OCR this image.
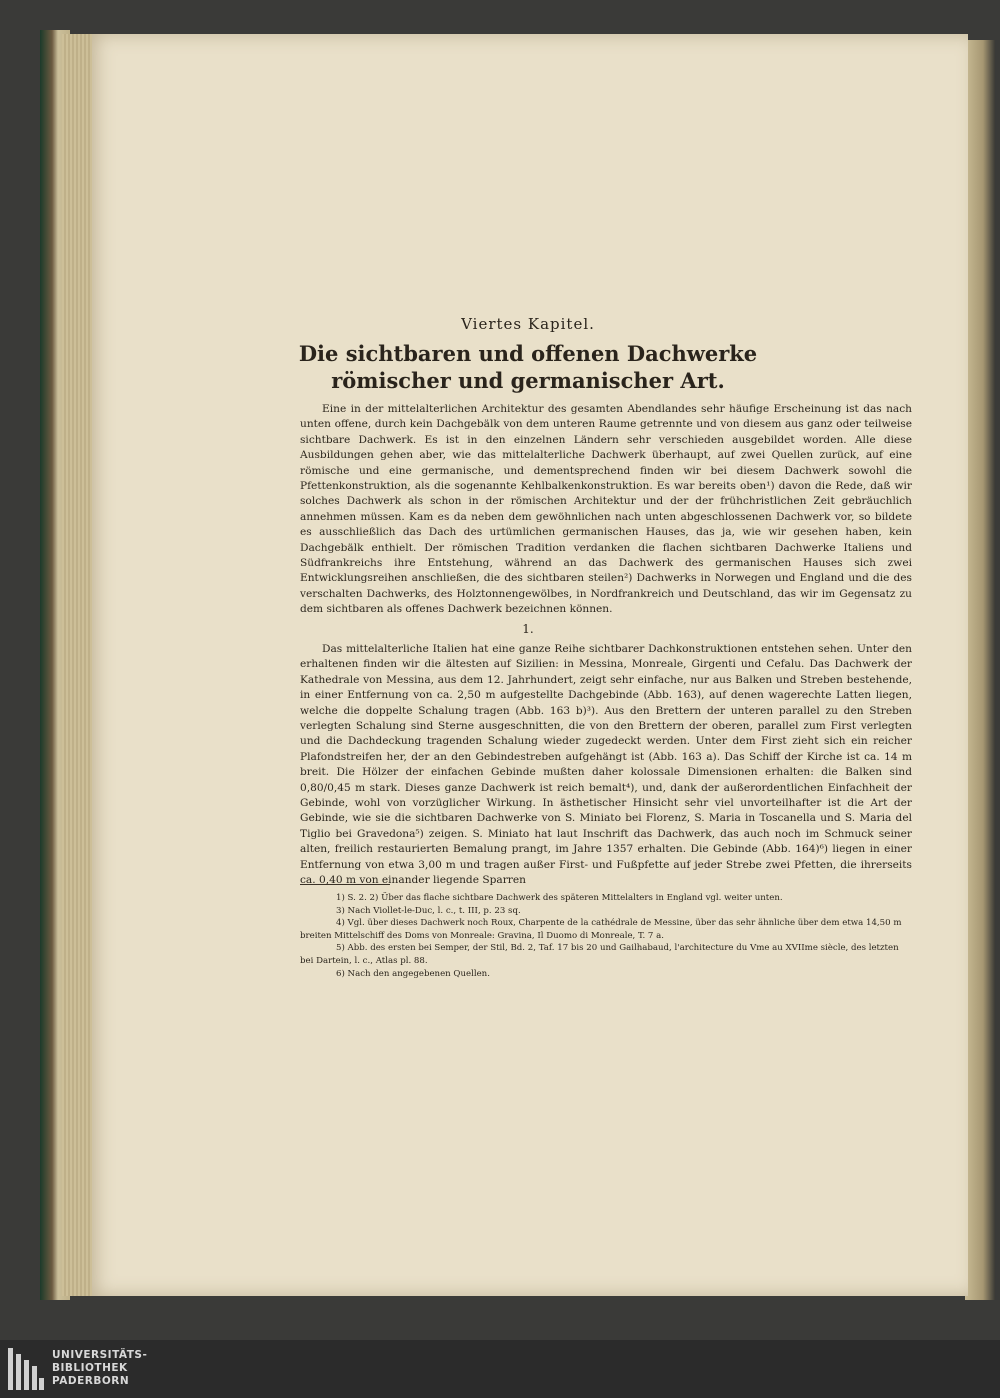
Viertes Kapitel.
Die sichtbaren und offenen Dachwerke römischer und germanischer Art.

Eine in der mittelalterlichen Architektur des gesamten Abendlandes sehr häufige Erscheinung ist das nach unten offene, durch kein Dachgebälk von dem unteren Raume getrennte und von diesem aus ganz oder teilweise sichtbare Dachwerk. Es ist in den einzelnen Ländern sehr verschieden ausgebildet worden. Alle diese Ausbildungen gehen aber, wie das mittelalterliche Dachwerk überhaupt, auf zwei Quellen zurück, auf eine römische und eine germanische, und dementsprechend finden wir bei diesem Dachwerk sowohl die Pfettenkonstruktion, als die sogenannte Kehlbalkenkonstruktion. Es war bereits oben¹) davon die Rede, daß wir solches Dachwerk als schon in der römischen Architektur und der der frühchristlichen Zeit gebräuchlich annehmen müssen. Kam es da neben dem gewöhnlichen nach unten abgeschlossenen Dachwerk vor, so bildete es ausschließlich das Dach des urtümlichen germanischen Hauses, das ja, wie wir gesehen haben, kein Dachgebälk enthielt. Der römischen Tradition verdanken die flachen sichtbaren Dachwerke Italiens und Südfrankreichs ihre Entstehung, während an das Dachwerk des germanischen Hauses sich zwei Entwicklungsreihen anschließen, die des sichtbaren steilen²) Dachwerks in Norwegen und England und die des verschalten Dachwerks, des Holztonnengewölbes, in Nordfrankreich und Deutschland, das wir im Gegensatz zu dem sichtbaren als offenes Dachwerk bezeichnen können.

1.

Das mittelalterliche Italien hat eine ganze Reihe sichtbarer Dachkonstruktionen entstehen sehen. Unter den erhaltenen finden wir die ältesten auf Sizilien: in Messina, Monreale, Girgenti und Cefalu. Das Dachwerk der Kathedrale von Messina, aus dem 12. Jahrhundert, zeigt sehr einfache, nur aus Balken und Streben bestehende, in einer Entfernung von ca. 2,50 m aufgestellte Dachgebinde (Abb. 163), auf denen wagerechte Latten liegen, welche die doppelte Schalung tragen (Abb. 163 b)³). Aus den Brettern der unteren parallel zu den Streben verlegten Schalung sind Sterne ausgeschnitten, die von den Brettern der oberen, parallel zum First verlegten und die Dachdeckung tragenden Schalung wieder zugedeckt werden. Unter dem First zieht sich ein reicher Plafondstreifen her, der an den Gebindestreben aufgehängt ist (Abb. 163 a). Das Schiff der Kirche ist ca. 14 m breit. Die Hölzer der einfachen Gebinde mußten daher kolossale Dimensionen erhalten: die Balken sind 0,80/0,45 m stark. Dieses ganze Dachwerk ist reich bemalt⁴), und, dank der außerordentlichen Einfachheit der Gebinde, wohl von vorzüglicher Wirkung. In ästhetischer Hinsicht sehr viel unvorteilhafter ist die Art der Gebinde, wie sie die sichtbaren Dachwerke von S. Miniato bei Florenz, S. Maria in Toscanella und S. Maria del Tiglio bei Gravedona⁵) zeigen. S. Miniato hat laut Inschrift das Dachwerk, das auch noch im Schmuck seiner alten, freilich restaurierten Bemalung prangt, im Jahre 1357 erhalten. Die Gebinde (Abb. 164)⁶) liegen in einer Entfernung von etwa 3,00 m und tragen außer First- und Fußpfette auf jeder Strebe zwei Pfetten, die ihrerseits ca. 0,40 m von einander liegende Sparren

1) S. 2. 2) Über das flache sichtbare Dachwerk des späteren Mittelalters in England vgl. weiter unten.
3) Nach Viollet-le-Duc, l. c., t. III, p. 23 sq.
4) Vgl. über dieses Dachwerk noch Roux, Charpente de la cathédrale de Messine, über das sehr ähnliche über dem etwa 14,50 m breiten Mittelschiff des Doms von Monreale: Gravina, Il Duomo di Monreale, T. 7 a.
5) Abb. des ersten bei Semper, der Stil, Bd. 2, Taf. 17 bis 20 und Gailhabaud, l'architecture du Vme au XVIIme siècle, des letzten bei Dartein, l. c., Atlas pl. 88.
6) Nach den angegebenen Quellen.
UNIVERSITÄTS-
BIBLIOTHEK
PADERBORN
